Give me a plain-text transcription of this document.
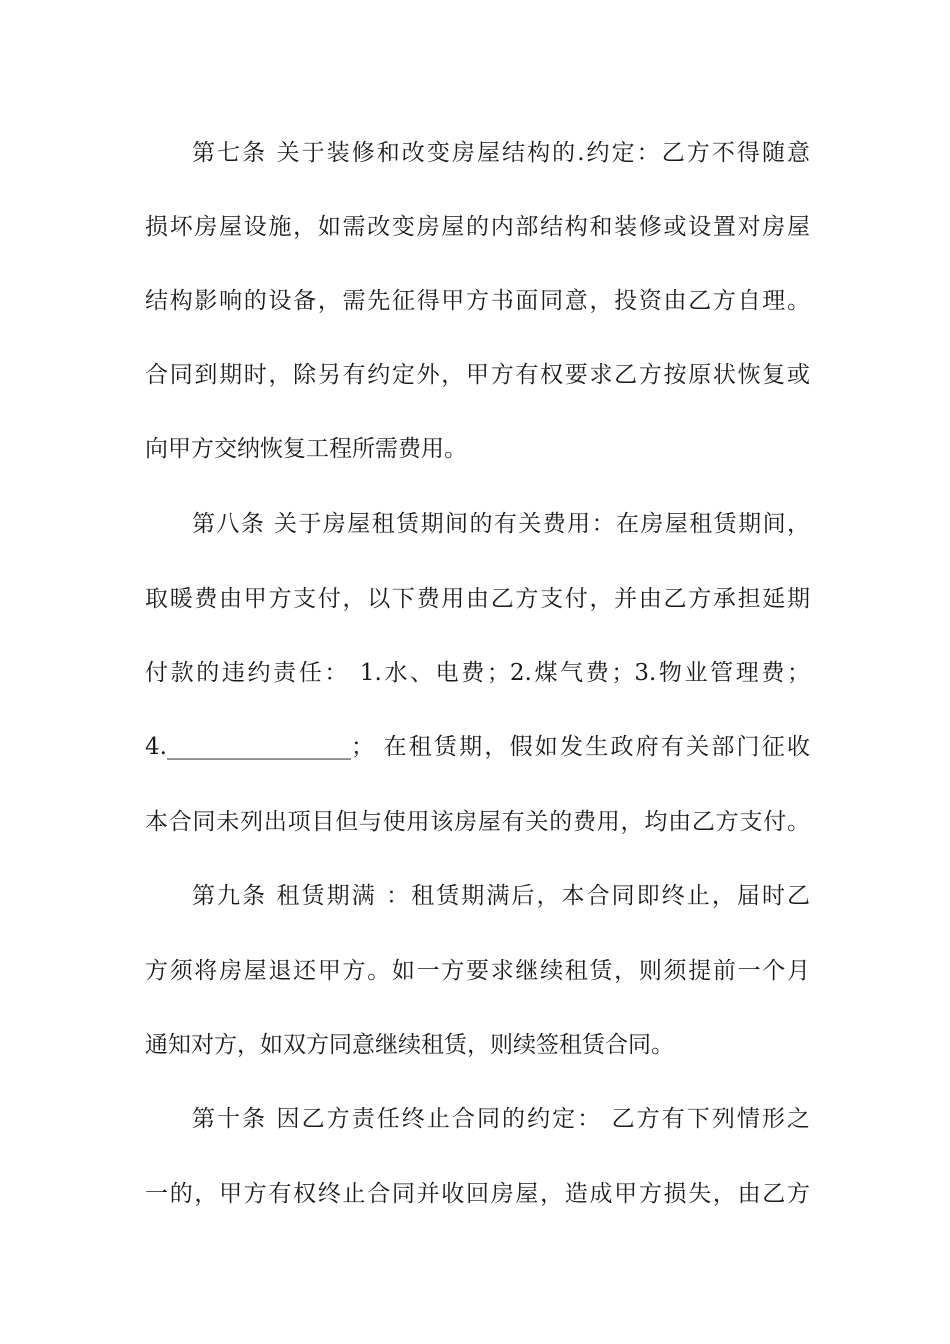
第七条 关于装修和改变房屋结构的.约定：乙方不得随意
损坏房屋设施，如需改变房屋的内部结构和装修或设置对房屋
结构影响的设备，需先征得甲方书面同意，投资由乙方自理。
合同到期时，除另有约定外，甲方有权要求乙方按原状恢复或
向甲方交纳恢复工程所需费用。
第八条 关于房屋租赁期间的有关费用：在房屋租赁期间，
取暖费由甲方支付，以下费用由乙方支付，并由乙方承担延期
付款的违约责任： 1.水、电费；2.煤气费；3.物业管理费；
4.________________； 在租赁期，假如发生政府有关部门征收
本合同未列出项目但与使用该房屋有关的费用，均由乙方支付。
第九条 租赁期满 ：租赁期满后，本合同即终止，届时乙
方须将房屋退还甲方。如一方要求继续租赁，则须提前一个月
通知对方，如双方同意继续租赁，则续签租赁合同。
第十条 因乙方责任终止合同的约定： 乙方有下列情形之
一的，甲方有权终止合同并收回房屋，造成甲方损失，由乙方
